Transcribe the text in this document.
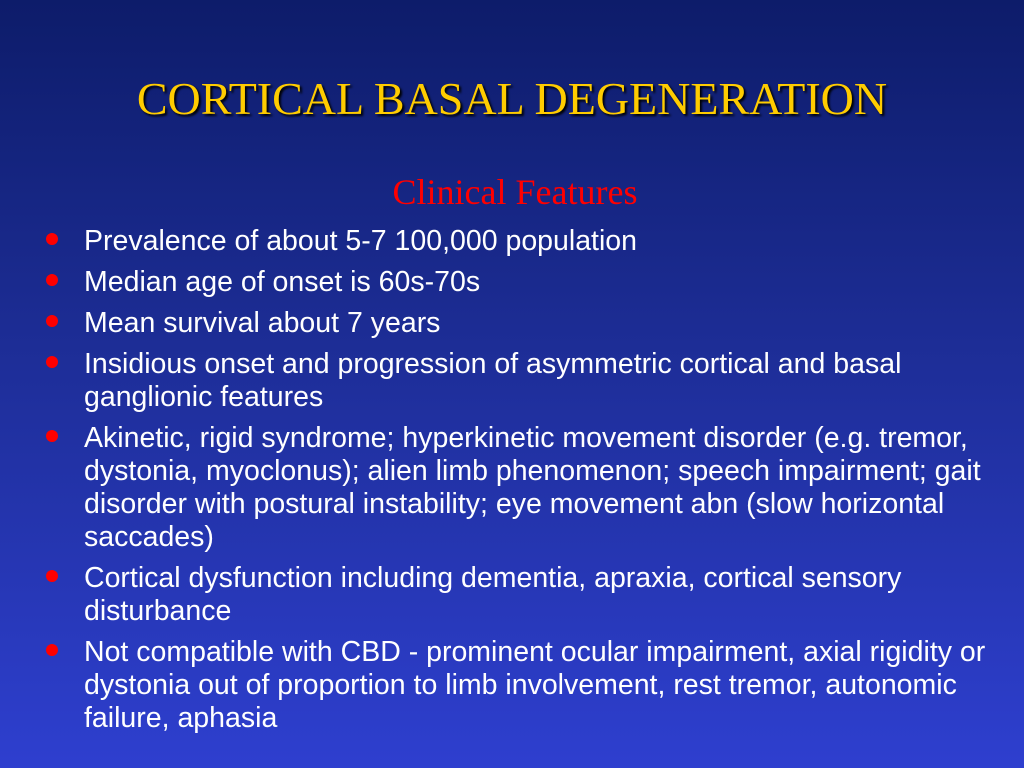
CORTICAL BASAL DEGENERATION
Clinical Features
Prevalence of about 5-7 100,000 population
Median age of onset is 60s-70s
Mean survival about 7 years
Insidious onset and progression of asymmetric cortical and basal ganglionic features
Akinetic, rigid syndrome; hyperkinetic movement disorder (e.g. tremor, dystonia, myoclonus); alien limb phenomenon; speech impairment; gait disorder with postural instability; eye movement abn (slow horizontal saccades)
Cortical dysfunction including dementia, apraxia, cortical sensory disturbance
Not compatible with CBD - prominent ocular impairment, axial rigidity or dystonia out of proportion to limb involvement, rest tremor, autonomic failure, aphasia
